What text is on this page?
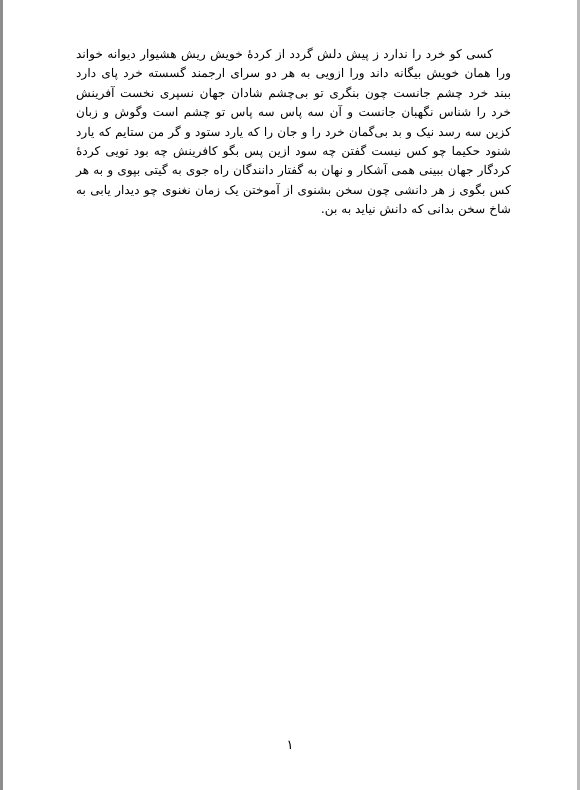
کسی کو خرد را ندارد ز پیش دلش گردد از کردهٔ خویش ریش هشیوار دیوانه خواند ورا همان خویش بیگانه داند ورا ازویی به هر دو سرای ارجمند گسسته خرد پای دارد ببند خرد چشم جانست چون بنگری تو بی‌چشم شادان جهان نسپری نخست آفرینش خرد را شناس نگهبان جانست و آن سه پاس سه پاس تو چشم است وگوش و زبان کزین سه رسد نیک و بد بی‌گمان خرد را و جان را که یارد ستود و گر من ستایم که یارد شنود حکیما چو کس نیست گفتن چه سود ازین پس بگو کافرینش چه بود تویی کردهٔ کردگار جهان ببینی همی آشکار و نهان به گفتار دانندگان راه جوی به گیتی بپوی و به هر کس بگوی ز هر دانشی چون سخن بشنوی از آموختن یک زمان نغنوی چو دیدار یابی به شاخ سخن بدانی که دانش نیاید به بن.

۱
